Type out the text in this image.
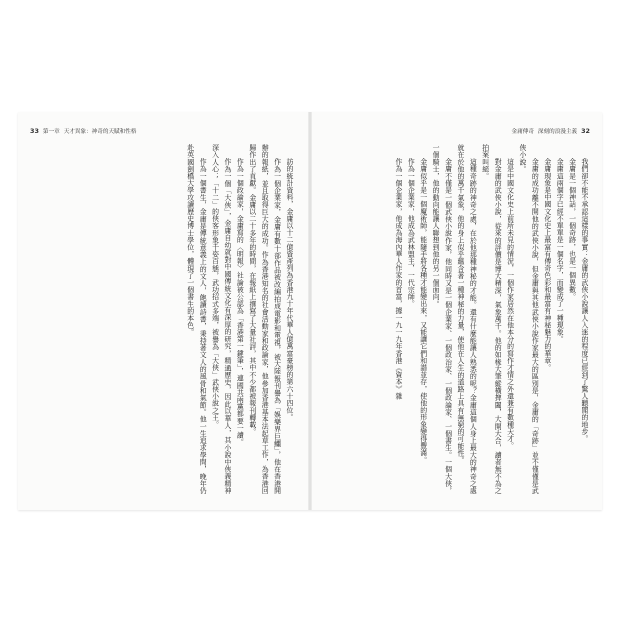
33 第一章 天才異象：神奇的天賦和性格

訪的統計資料，金庸以十二億資產列為香港九十年代華人億萬富豪榜的第六十四位。

作為一個企業家，金庸有數十部作品被改編拍成電影和電視，被大陸報刊譽為「娛樂界巨鱷」，他在香港開辦的報紙，並且取得巨大的成功。作為香港知名的社會活動家和政論家，他參加香港基本法起草工作，為香港回歸作出了貢獻。金庸以二十多年的時間，在報紙上撰寫了大量社評，其中不少都被報刊轉載。

作為一個政論家，金庸寫的〈明報〉社論被公認為「香港第一鍵筆」，連國共兩黨都要一讀。

作為一個「大俠」，金庸自幼就對中國傳統文化有深厚的研究，精通歷史，因此以華人，其小說中俠義精神深入人心；「十二」的俠客形象千姿百態，武功招式多端，被譽為「大俠」武俠小說之王。

作為一個書生，金庸是傳統意義上的文人，飽讀詩書，秉持著文人的風骨和氣節。他一生追求學問，晚年仍赴英國劍橋大學攻讀歷史博士學位，體現了一個書生的本色。

金庸傳奇 深刻的浪漫主義 32

我們卻不能不承認這樣的事實：金庸的武俠小說讓人入迷的程度已經到了驚人聽聞的地步。

金庸是一個神話，一個奇跡，也是一個異數。

金庸這兩個字已經不單單是一個名字，而變成了一種現象。

金庸現象是中國文化史上最富有傳奇色彩和最富有神秘魅力的華章。

金庸的成功離不開他的武俠小說，但金庸與其他武俠小說作家最大的區別是，金庸的「奇跡」並不僅僅是武俠小說。

這是中國文化史上前所未見的情況，一個作家居然在他本分的寫作才情之外還兼有數種天才。

對金庸的武俠小說，從來的評價是博大精深，氣象萬千。他的如椽大筆縱橫捭闔，大開大合，讀者無不為之拍案叫絕。

這種奇跡的神奇之處，在於他那種神秘的才能。還有什麼能讓人熟悉的呢？金庸這個人身上最大的神奇之處就在於他的萬千氣象，他的身上似乎蘊含著一種神秘的力量，使他在人生的道路上具有無窮的可能性。

金庸不僅是一個武俠小說作家，他同時又是一個企業家、一個政治家、一個政論家、一個書生。一個大俠，一個騎士，他的動向能讓人聯想到他的另一個面向。

金庸似乎是一個魔術師，能隨手將各種才能變出來，又能讓它們和諧並存，使他的形象變得豐滿。

作為一個企業家，他成為武林盟主，一代宗師。

作為一個企業家，他成為海內華人作家的首富，據一九一九年香港《資本》雜
